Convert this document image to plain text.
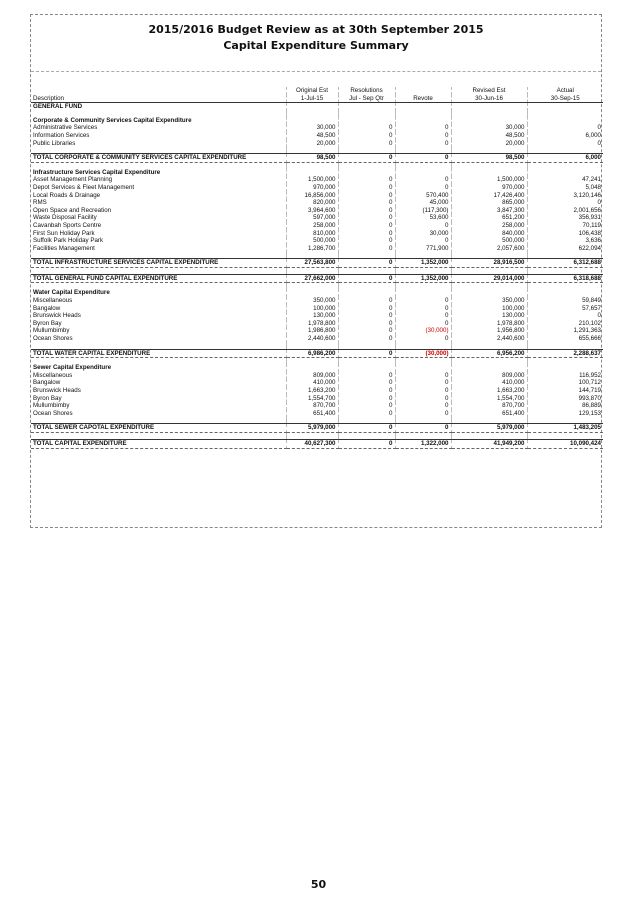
2015/2016 Budget Review as at 30th September 2015
Capital Expenditure Summary
	Original Est	Resolutions		Revised Est	Actual
Description	1-Jul-15	Jul - Sep Qtr	Revote	30-Jun-16	30-Sep-15
GENERAL FUND					

Corporate & Community Services Capital Expenditure					
Administrative Services	30,000	0	0	30,000	0
Information Services	48,500	0	0	48,500	6,000
Public Libraries	20,000	0	0	20,000	0

TOTAL CORPORATE & COMMUNITY SERVICES CAPITAL EXPENDITURE	98,500	0	0	98,500	6,000

Infrastructure Services Capital Expenditure					
Asset Management Planning	1,500,000	0	0	1,500,000	47,241
Depot Services & Fleet Management	970,000	0	0	970,000	5,048
Local Roads & Drainage	16,856,000	0	570,400	17,426,400	3,120,146
RMS	820,000	0	45,000	865,000	0
Open Space and Recreation	3,964,600	0	(117,300)	3,847,300	2,001,656
Waste Disposal Facility	597,000	0	53,600	651,200	356,931
Cavanbah Sports Centre	258,000	0	0	258,000	70,119
First Sun Holiday Park	810,000	0	30,000	840,000	106,438
Suffolk Park Holiday Park	500,000	0	0	500,000	3,636
Facilities Management	1,286,700	0	771,900	2,057,600	622,094

TOTAL INFRASTRUCTURE SERVICES CAPITAL EXPENDITURE	27,563,800	0	1,352,000	28,916,500	6,312,688

TOTAL GENERAL FUND CAPITAL EXPENDITURE	27,662,000	0	1,352,000	29,014,000	6,318,688

Water Capital Expenditure					
Miscellaneous	350,000	0	0	350,000	59,849
Bangalow	100,000	0	0	100,000	57,657
Brunswick Heads	130,000	0	0	130,000	0
Byron Bay	1,978,800	0	0	1,978,800	210,102
Mullumbimby	1,986,800	0	(30,000)	1,956,800	1,291,363
Ocean Shores	2,440,600	0	0	2,440,600	655,666

TOTAL WATER CAPITAL EXPENDITURE	6,986,200	0	(30,000)	6,956,200	2,288,637

Sewer Capital Expenditure					
Miscellaneous	809,000	0	0	809,000	116,952
Bangalow	410,000	0	0	410,000	100,712
Brunswick Heads	1,663,200	0	0	1,663,200	144,719
Byron Bay	1,554,700	0	0	1,554,700	993,870
Mullumbimby	870,700	0	0	870,700	86,889
Ocean Shores	651,400	0	0	651,400	129,153

TOTAL SEWER CAPOTAL EXPENDITURE	5,979,000	0	0	5,979,000	1,483,205

TOTAL CAPITAL EXPENDITURE	40,627,300	0	1,322,000	41,949,200	10,090,424
50
